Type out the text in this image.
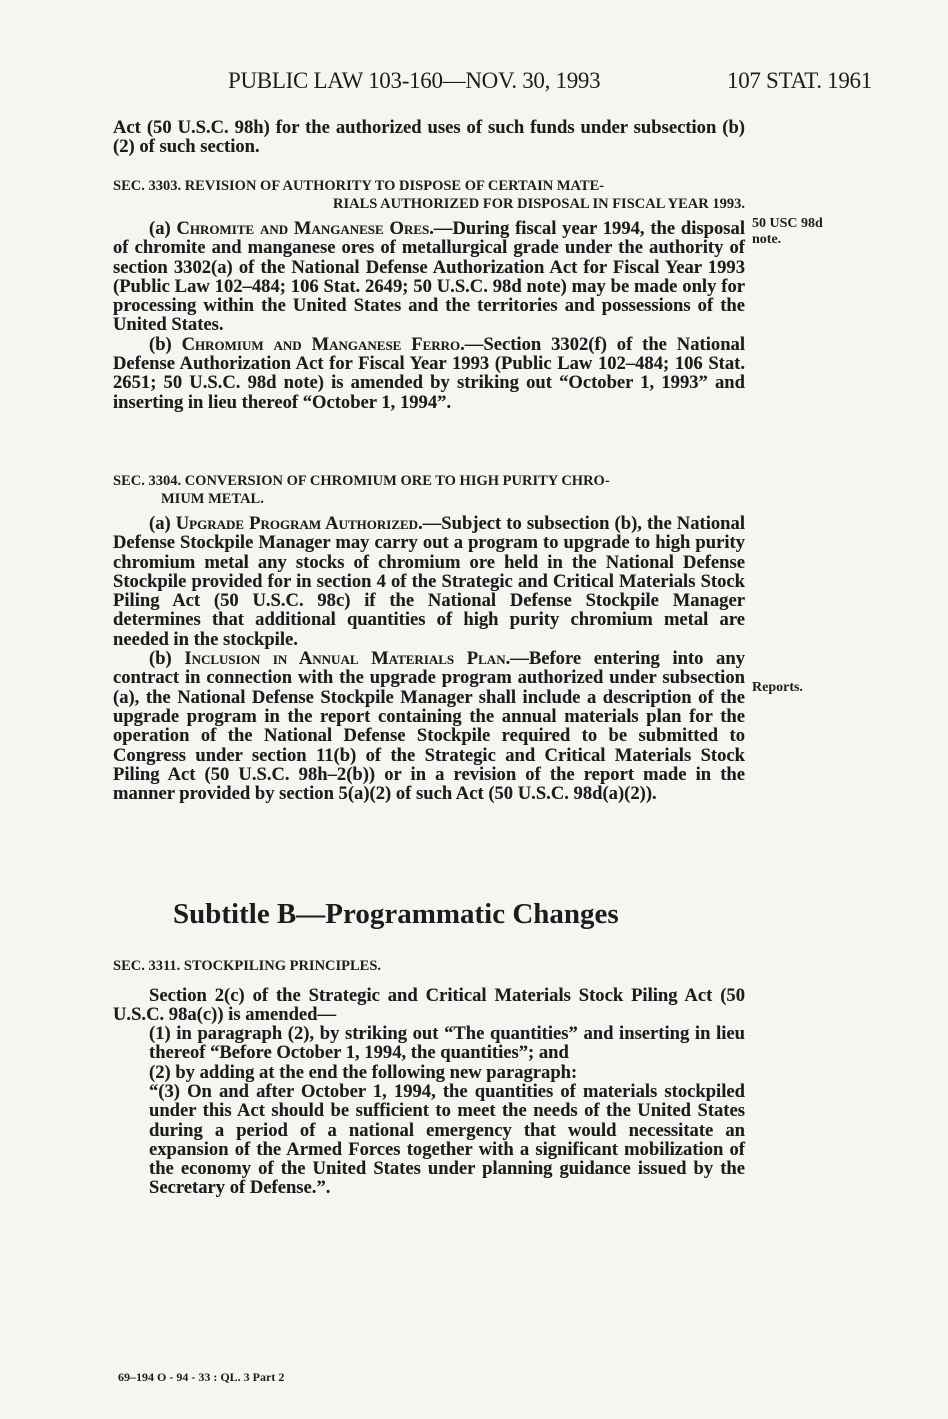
PUBLIC LAW 103-160—NOV. 30, 1993	107 STAT. 1961

Act (50 U.S.C. 98h) for the authorized uses of such funds under subsection (b)(2) of such section.

SEC. 3303. REVISION OF AUTHORITY TO DISPOSE OF CERTAIN MATE-
RIALS AUTHORIZED FOR DISPOSAL IN FISCAL YEAR 1993.

(a) Chromite and Manganese Ores.—During fiscal year 1994, the disposal of chromite and manganese ores of metallurgical grade under the authority of section 3302(a) of the National Defense Authorization Act for Fiscal Year 1993 (Public Law 102–484; 106 Stat. 2649; 50 U.S.C. 98d note) may be made only for processing within the United States and the territories and possessions of the United States.

(b) Chromium and Manganese Ferro.—Section 3302(f) of the National Defense Authorization Act for Fiscal Year 1993 (Public Law 102–484; 106 Stat. 2651; 50 U.S.C. 98d note) is amended by striking out “October 1, 1993” and inserting in lieu thereof “October 1, 1994”.

50 USC 98d
note.
SEC. 3304. CONVERSION OF CHROMIUM ORE TO HIGH PURITY CHRO-
MIUM METAL.

(a) Upgrade Program Authorized.—Subject to subsection (b), the National Defense Stockpile Manager may carry out a program to upgrade to high purity chromium metal any stocks of chromium ore held in the National Defense Stockpile provided for in section 4 of the Strategic and Critical Materials Stock Piling Act (50 U.S.C. 98c) if the National Defense Stockpile Manager determines that additional quantities of high purity chromium metal are needed in the stockpile.

(b) Inclusion in Annual Materials Plan.—Before entering into any contract in connection with the upgrade program authorized under subsection (a), the National Defense Stockpile Manager shall include a description of the upgrade program in the report containing the annual materials plan for the operation of the National Defense Stockpile required to be submitted to Congress under section 11(b) of the Strategic and Critical Materials Stock Piling Act (50 U.S.C. 98h–2(b)) or in a revision of the report made in the manner provided by section 5(a)(2) of such Act (50 U.S.C. 98d(a)(2)).

Reports.
Subtitle B—Programmatic Changes
SEC. 3311. STOCKPILING PRINCIPLES.

Section 2(c) of the Strategic and Critical Materials Stock Piling Act (50 U.S.C. 98a(c)) is amended—

(1) in paragraph (2), by striking out “The quantities” and inserting in lieu thereof “Before October 1, 1994, the quantities”; and

(2) by adding at the end the following new paragraph:

“(3) On and after October 1, 1994, the quantities of materials stockpiled under this Act should be sufficient to meet the needs of the United States during a period of a national emergency that would necessitate an expansion of the Armed Forces together with a significant mobilization of the economy of the United States under planning guidance issued by the Secretary of Defense.”.

69–194 O - 94 - 33 : QL. 3 Part 2
